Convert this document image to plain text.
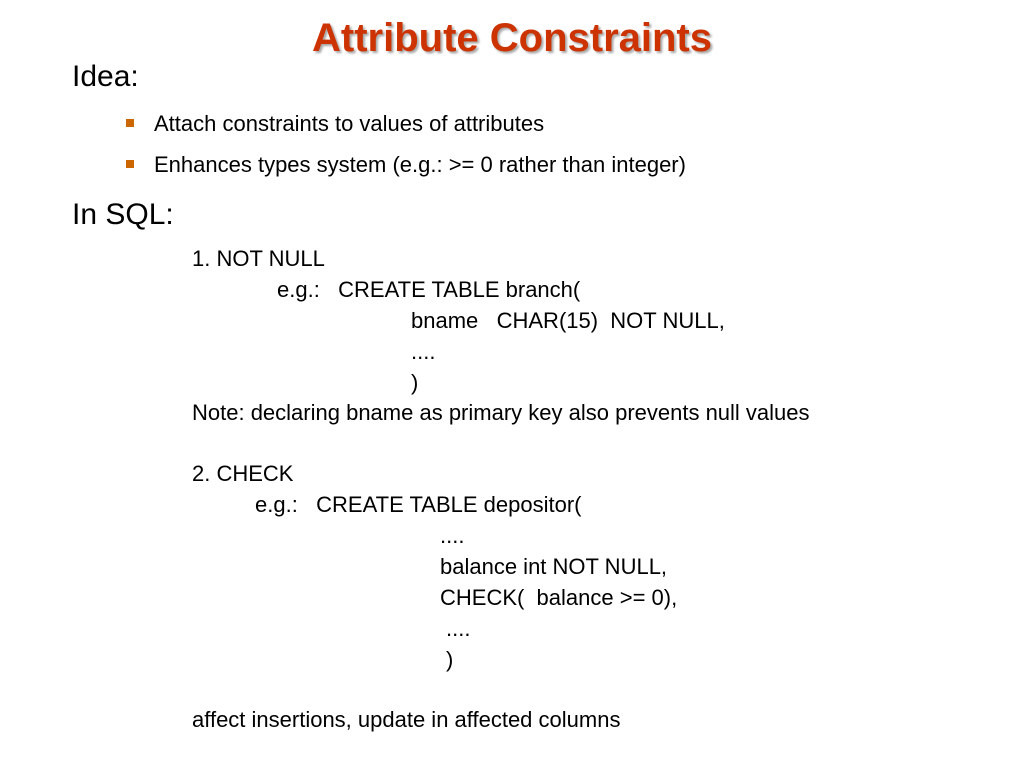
Attribute Constraints
Idea:
Attach constraints to values of attributes
Enhances types system (e.g.: >= 0 rather than integer)
In SQL:
1. NOT NULL
e.g.:   CREATE TABLE branch(
bname   CHAR(15)  NOT NULL,
....
)
Note: declaring bname as primary key also prevents null values
2. CHECK
e.g.:   CREATE TABLE depositor(
....
balance int NOT NULL,
CHECK(  balance >= 0),
....
)
affect insertions, update in affected columns
